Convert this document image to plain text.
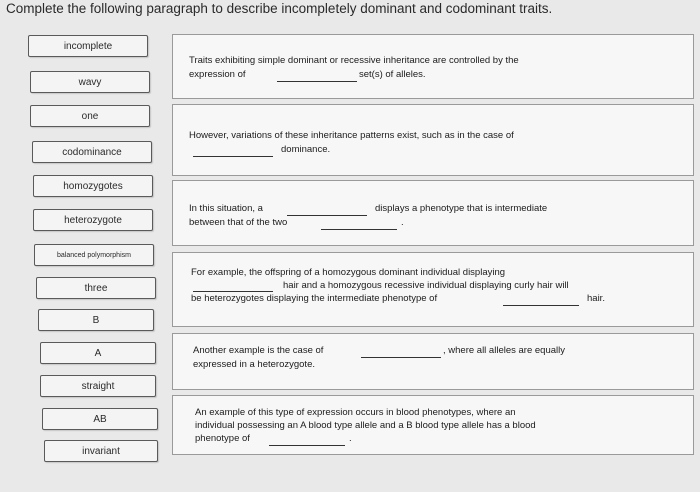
Complete the following paragraph to describe incompletely dominant and codominant traits.
incomplete
wavy
one
codominance
homozygotes
heterozygote
balanced polymorphism
three
B
A
straight
AB
invariant
Traits exhibiting simple dominant or recessive inheritance are controlled by the
expression of	set(s) of alleles.
However, variations of these inheritance patterns exist, such as in the case of
dominance.
In this situation, a	displays a phenotype that is intermediate
between that of the two	.
For example, the offspring of a homozygous dominant individual displaying
hair and a homozygous recessive individual displaying curly hair will
be heterozygotes displaying the intermediate phenotype of	hair.
Another example is the case of	, where all alleles are equally
expressed in a heterozygote.
An example of this type of expression occurs in blood phenotypes, where an
individual possessing an A blood type allele and a B blood type allele has a blood
phenotype of	.
